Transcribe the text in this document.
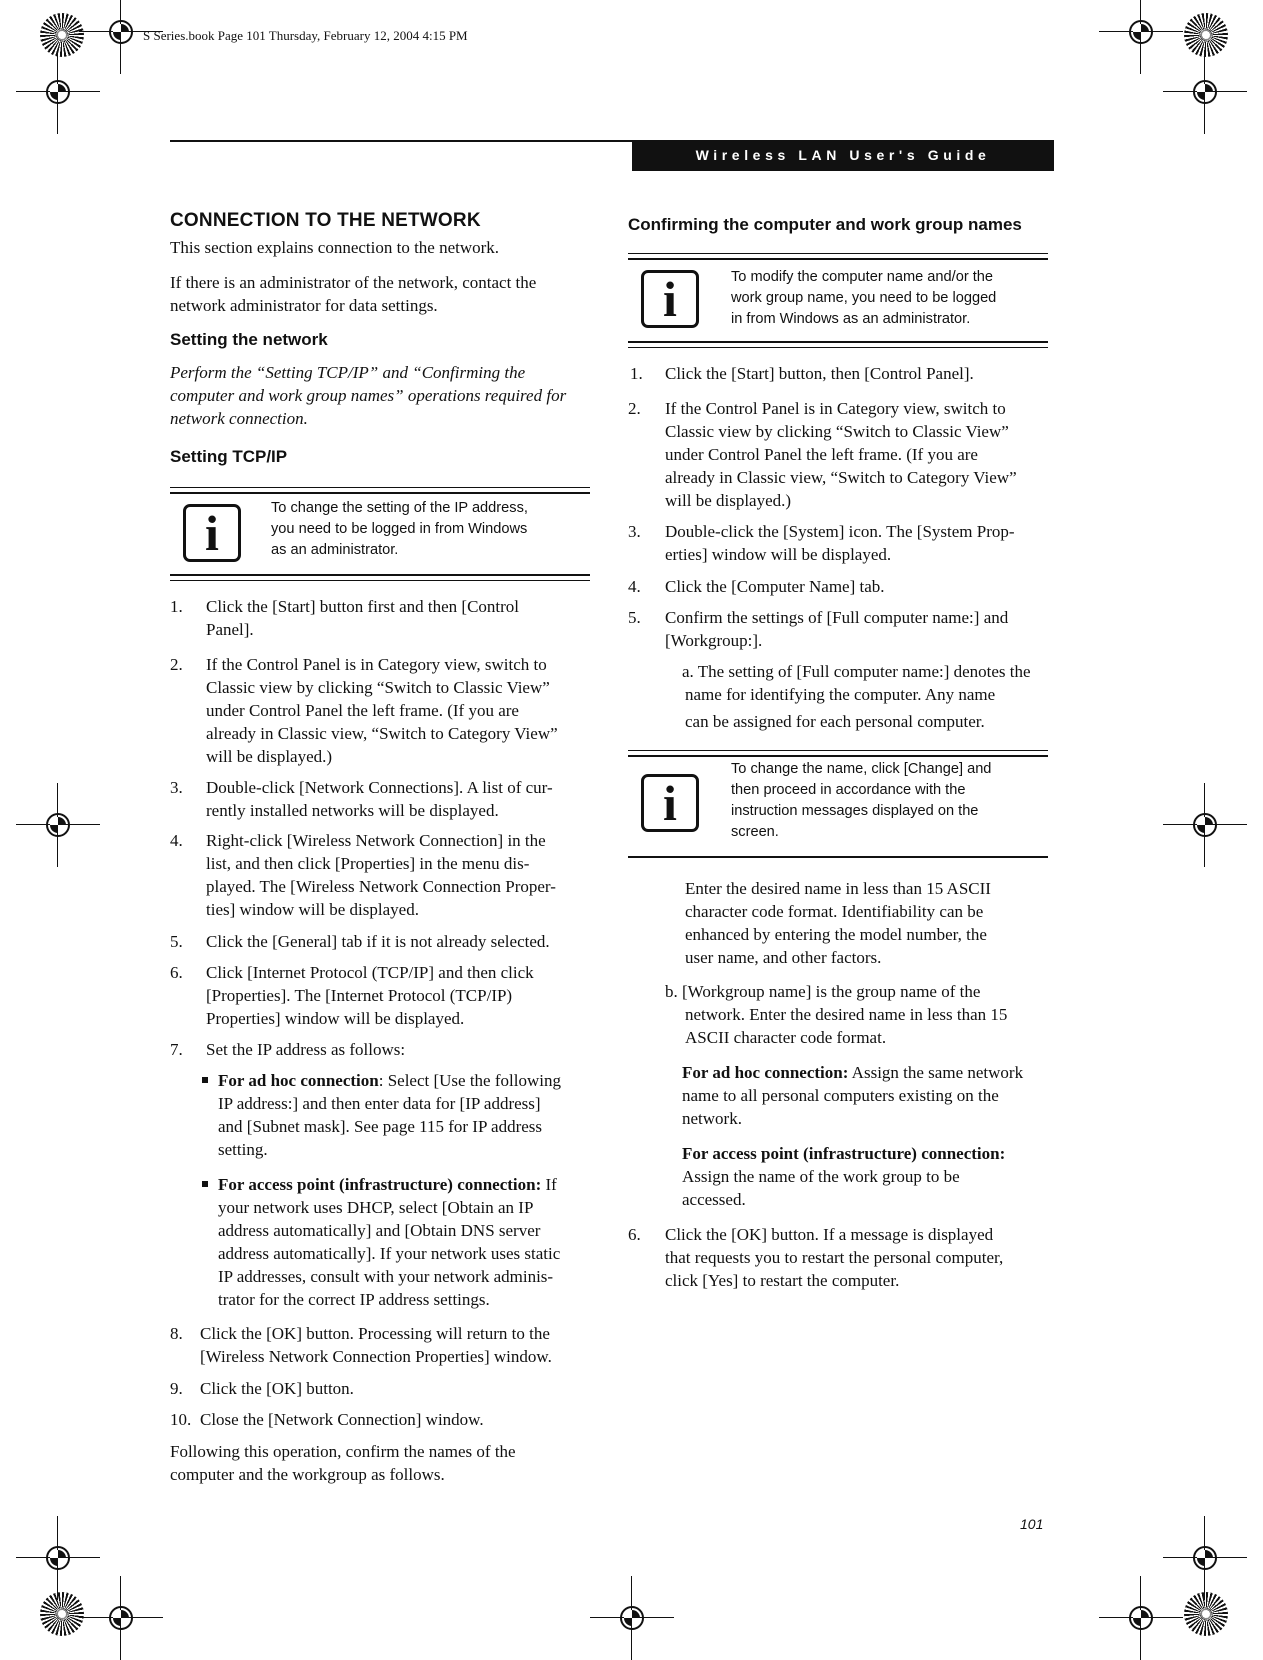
S Series.book Page 101 Thursday, February 12, 2004 4:15 PM
Wireless LAN User's Guide
CONNECTION TO THE NETWORK

This section explains connection to the network.

If there is an administrator of the network, contact the

network administrator for data settings.

Setting the network

Perform the “Setting TCP/IP” and “Confirming the

computer and work group names” operations required for

network connection.

Setting TCP/IP
i	To change the setting of the IP address,
you need to be logged in from Windows
as an administrator.
1. Click the [Start] button first and then [Control
Panel].
2. If the Control Panel is in Category view, switch to
Classic view by clicking “Switch to Classic View”
under Control Panel the left frame. (If you are
already in Classic view, “Switch to Category View”
will be displayed.)
3. Double-click [Network Connections]. A list of cur-
rently installed networks will be displayed.
4. Right-click [Wireless Network Connection] in the
list, and then click [Properties] in the menu dis-
played. The [Wireless Network Connection Proper-
ties] window will be displayed.
5. Click the [General] tab if it is not already selected.
6. Click [Internet Protocol (TCP/IP] and then click
[Properties]. The [Internet Protocol (TCP/IP)
Properties] window will be displayed.
7. Set the IP address as follows:
For ad hoc connection: Select [Use the following
IP address:] and then enter data for [IP address]
and [Subnet mask]. See page 115 for IP address
setting.
For access point (infrastructure) connection: If
your network uses DHCP, select [Obtain an IP
address automatically] and [Obtain DNS server
address automatically]. If your network uses static
IP addresses, consult with your network adminis-
trator for the correct IP address settings.
8. Click the [OK] button. Processing will return to the
[Wireless Network Connection Properties] window.
9. Click the [OK] button.
10. Close the [Network Connection] window.

Following this operation, confirm the names of the

computer and the workgroup as follows.

Confirming the computer and work group names
i	To modify the computer name and/or the
work group name, you need to be logged
in from Windows as an administrator.
1. Click the [Start] button, then [Control Panel].
2. If the Control Panel is in Category view, switch to
Classic view by clicking “Switch to Classic View”
under Control Panel the left frame. (If you are
already in Classic view, “Switch to Category View”
will be displayed.)
3. Double-click the [System] icon. The [System Prop-
erties] window will be displayed.
4. Click the [Computer Name] tab.
5. Confirm the settings of [Full computer name:] and
[Workgroup:].

a. The setting of [Full computer name:] denotes the

name for identifying the computer. Any name

can be assigned for each personal computer.

i
To change the name, click [Change] and
then proceed in accordance with the
instruction messages displayed on the
screen.

Enter the desired name in less than 15 ASCII

character code format. Identifiability can be

enhanced by entering the model number, the

user name, and other factors.

b. [Workgroup name] is the group name of the

network. Enter the desired name in less than 15

ASCII character code format.

For ad hoc connection: Assign the same network

name to all personal computers existing on the

network.

For access point (infrastructure) connection:

Assign the name of the work group to be

accessed.

6. Click the [OK] button. If a message is displayed
that requests you to restart the personal computer,
click [Yes] to restart the computer.
101
